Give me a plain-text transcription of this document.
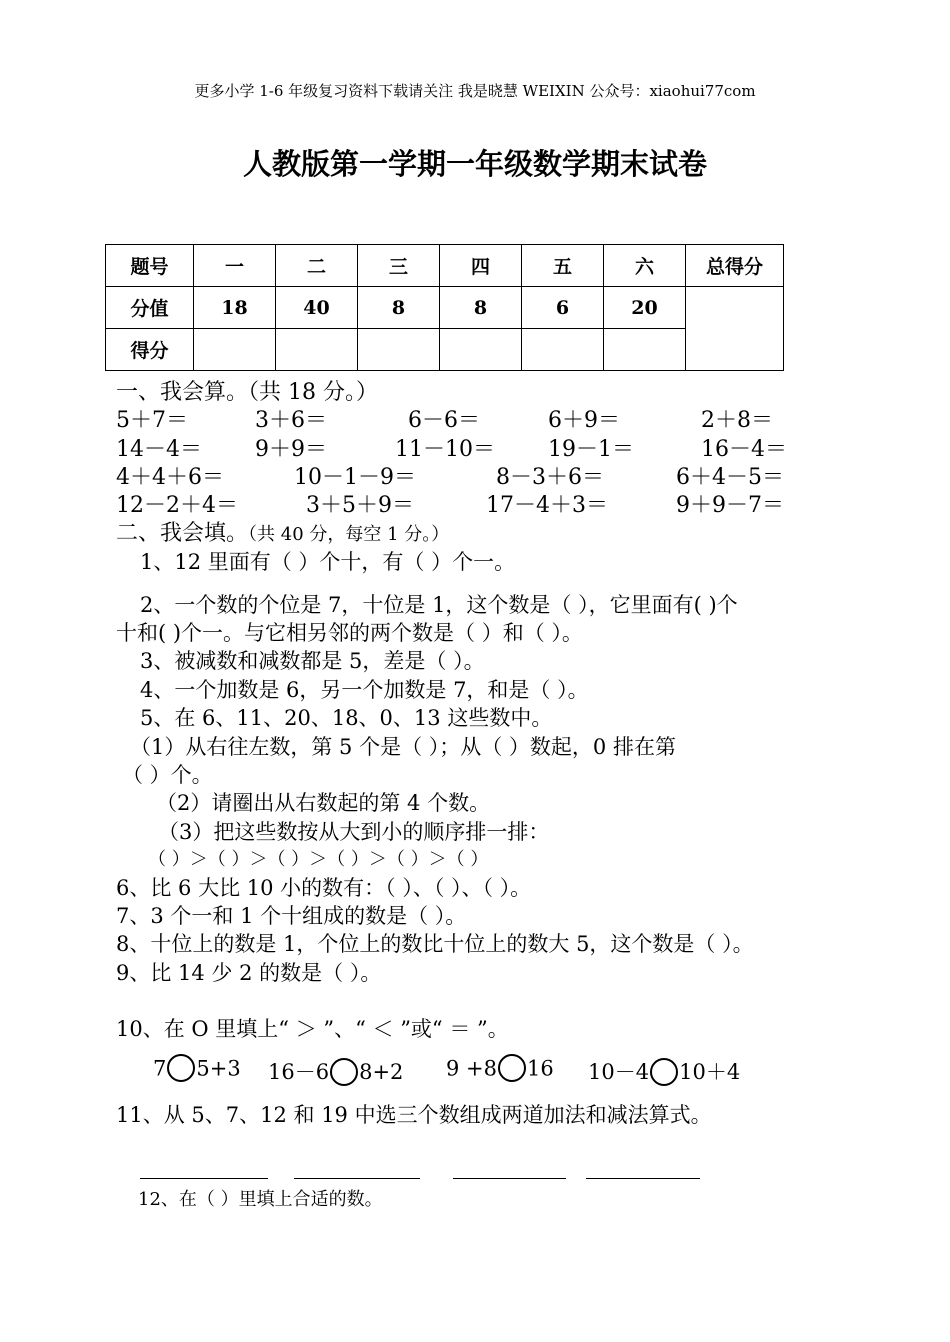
更多小学 1-6 年级复习资料下载请关注 我是晓慧 WEIXIN 公众号：xiaohui77com
人教版第一学期一年级数学期末试卷
题号	一	二	三	四	五	六	总得分
分值	18	40	8	8	6	20	
得分							
一、我会算。（共 18 分。）
5＋7＝	3＋6＝	6－6＝	6＋9＝	2＋8＝
14－4＝ 9＋9＝	11－10＝ 19－1＝	16－4＝
4＋4＋6＝	10－1－9＝	8－3＋6＝	6＋4－5＝
12－2＋4＝	3＋5＋9＝	17－4＋3＝	9＋9－7＝
二、我会填。（共 40 分，每空 1 分。）
1、12 里面有（ ）个十，有（ ）个一。
2、一个数的个位是 7，十位是 1，这个数是（ ），它里面有( )个
十和( )个一。与它相另邻的两个数是（ ）和（ ）。
3、被减数和减数都是 5，差是（ ）。
4、一个加数是 6，另一个加数是 7，和是（ ）。
5、在 6、11、20、18、0、13 这些数中。
（1）从右往左数，第 5 个是（ ）；从（ ）数起，0 排在第
（ ）个。
（2）请圈出从右数起的第 4 个数。
（3）把这些数按从大到小的顺序排一排：
（ ）＞（ ）＞（ ）＞（ ）＞（ ）＞（ ）
6、比 6 大比 10 小的数有：（ ）、（ ）、（ ）。
7、3 个一和 1 个十组成的数是（ ）。
8、十位上的数是 1，个位上的数比十位上的数大 5，这个数是（ ）。
9、比 14 少 2 的数是（ ）。
10、在 O 里填上“ ＞ ”、“ ＜ ”或“ ＝ ”。
7 5+3 16－6 8+2 9 +8 16 10－4 10＋4
11、从 5、7、12 和 19 中选三个数组成两道加法和减法算式。
12、在（ ）里填上合适的数。
